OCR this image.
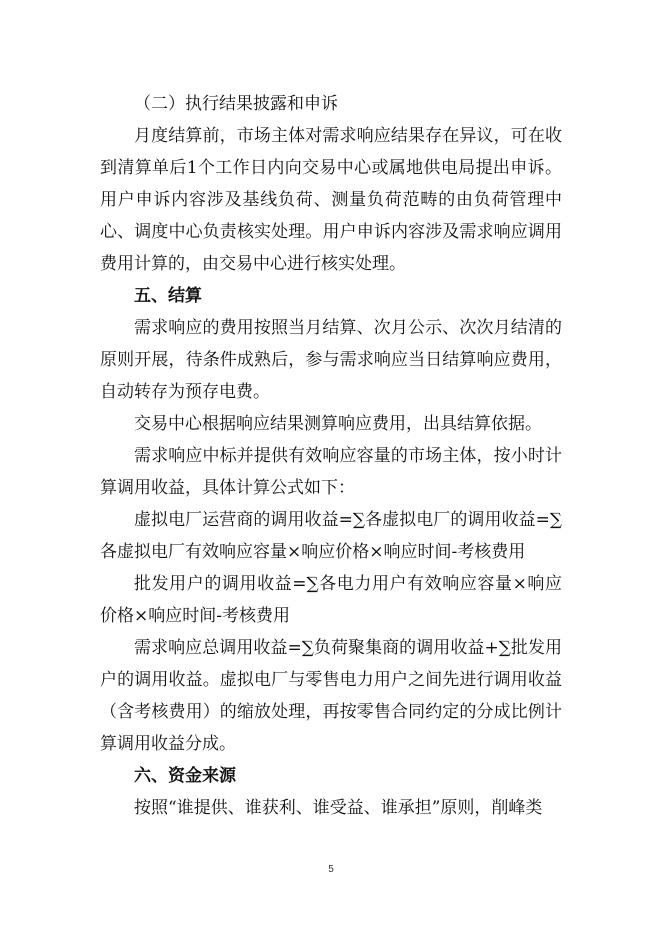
（二）执行结果披露和申诉

月度结算前，市场主体对需求响应结果存在异议，可在收到清算单后1个工作日内向交易中心或属地供电局提出申诉。用户申诉内容涉及基线负荷、测量负荷范畴的由负荷管理中心、调度中心负责核实处理。用户申诉内容涉及需求响应调用费用计算的，由交易中心进行核实处理。

五、结算

需求响应的费用按照当月结算、次月公示、次次月结清的原则开展，待条件成熟后，参与需求响应当日结算响应费用，自动转存为预存电费。

交易中心根据响应结果测算响应费用，出具结算依据。

需求响应中标并提供有效响应容量的市场主体，按小时计算调用收益，具体计算公式如下：

虚拟电厂运营商的调用收益=∑各虚拟电厂的调用收益=∑各虚拟电厂有效响应容量×响应价格×响应时间-考核费用

批发用户的调用收益=∑各电力用户有效响应容量×响应价格×响应时间-考核费用

需求响应总调用收益=∑负荷聚集商的调用收益+∑批发用户的调用收益。虚拟电厂与零售电力用户之间先进行调用收益（含考核费用）的缩放处理，再按零售合同约定的分成比例计算调用收益分成。

六、资金来源

按照“谁提供、谁获利、谁受益、谁承担”原则，削峰类

5
